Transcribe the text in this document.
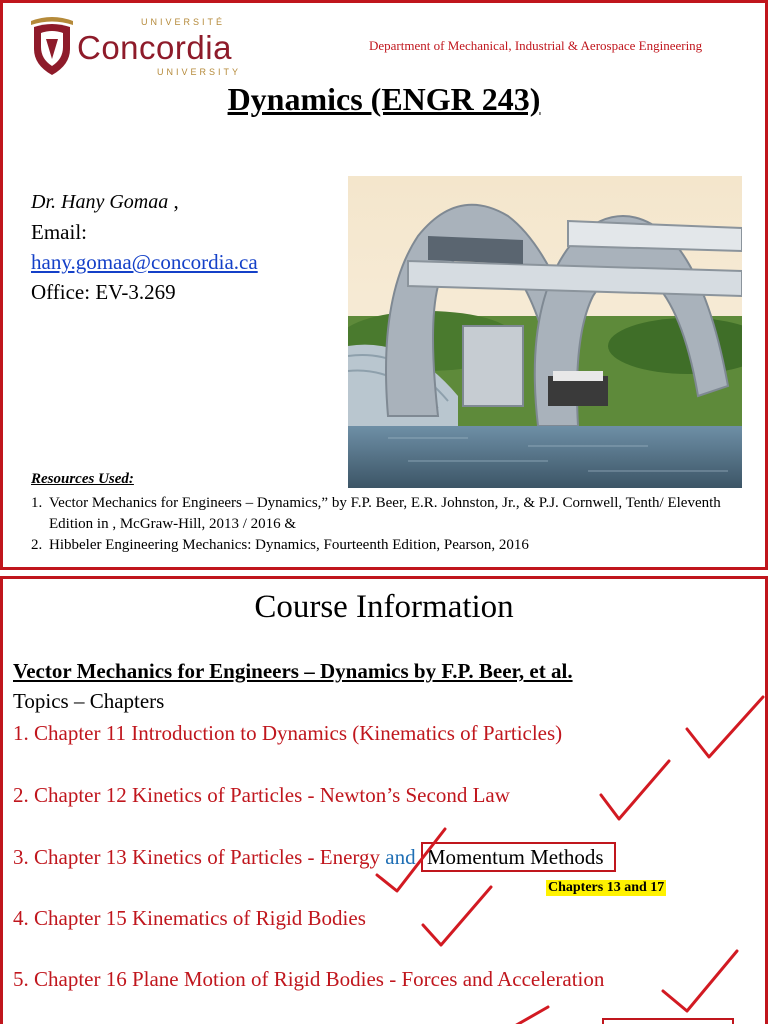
UNIVERSITÉ
Concordia
UNIVERSITY
Department of Mechanical, Industrial & Aerospace Engineering
Dynamics (ENGR 243)
Dr. Hany Gomaa ,
Email:
hany.gomaa@concordia.ca
Office: EV-3.269
Resources Used:
1. Vector Mechanics for Engineers – Dynamics,” by F.P. Beer, E.R. Johnston, Jr., & P.J. Cornwell, Tenth/ Eleventh Edition in , McGraw-Hill, 2013 / 2016 &
2. Hibbeler Engineering Mechanics: Dynamics, Fourteenth Edition, Pearson, 2016
Course Information
Vector Mechanics for Engineers – Dynamics by F.P. Beer, et al.
Topics – Chapters
1. Chapter 11 Introduction to Dynamics (Kinematics of Particles)
2. Chapter 12 Kinetics of Particles - Newton’s Second Law
3. Chapter 13 Kinetics of Particles - Energy and Momentum Methods
Chapters 13 and 17
4. Chapter 15 Kinematics of Rigid Bodies
5. Chapter 16 Plane Motion of Rigid Bodies - Forces and Acceleration
